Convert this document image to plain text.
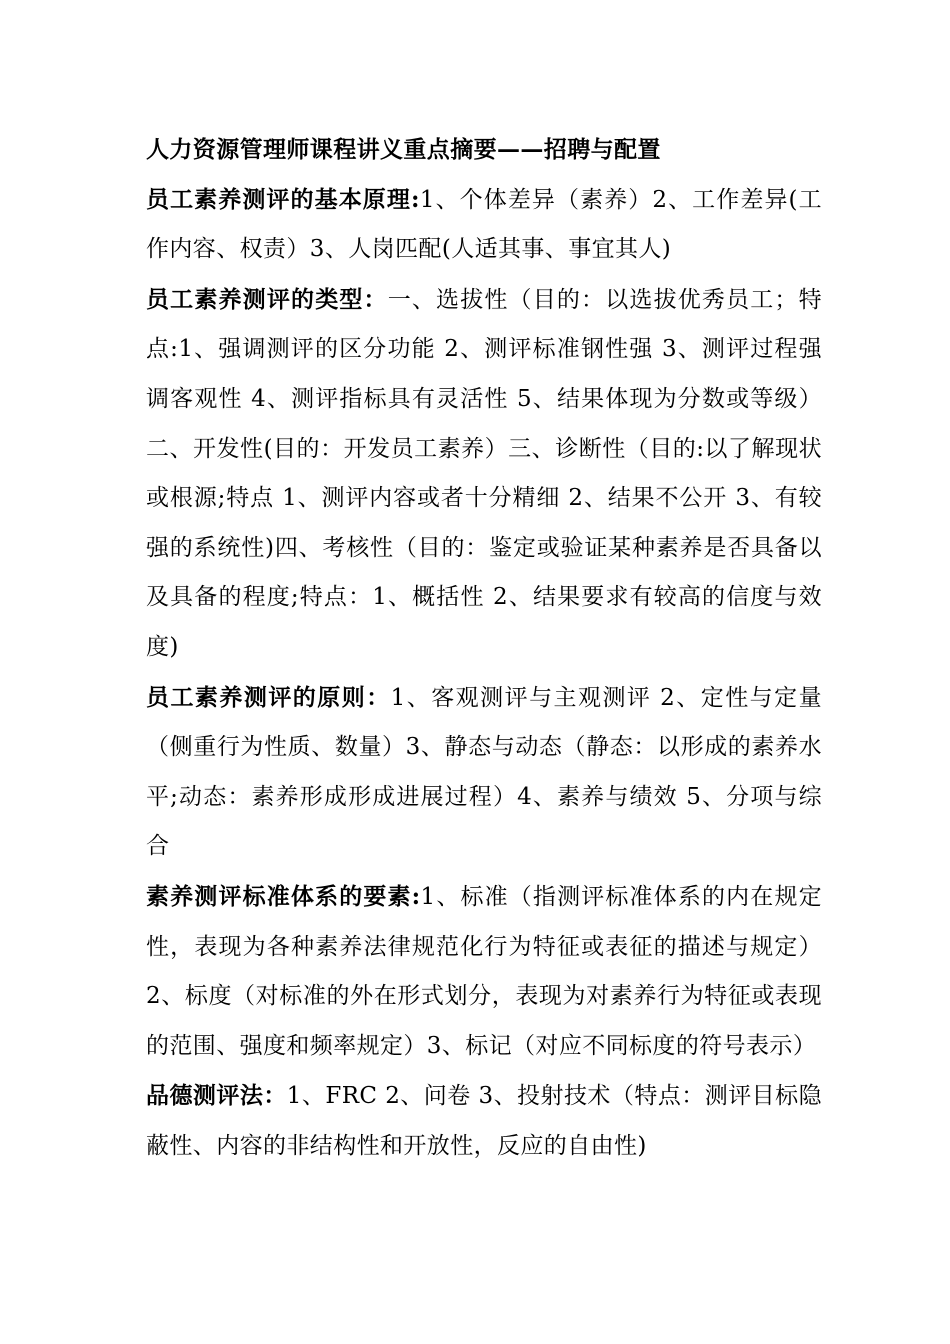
人力资源管理师课程讲义重点摘要——招聘与配置

员工素养测评的基本原理:1、个体差异（素养）2、工作差异(工作内容、权责）3、人岗匹配(人适其事、事宜其人)

员工素养测评的类型：一、选拔性（目的：以选拔优秀员工；特点:1、强调测评的区分功能 2、测评标准钢性强 3、测评过程强调客观性 4、测评指标具有灵活性 5、结果体现为分数或等级）二、开发性(目的：开发员工素养）三、诊断性（目的:以了解现状或根源;特点 1、测评内容或者十分精细 2、结果不公开 3、有较强的系统性)四、考核性（目的：鉴定或验证某种素养是否具备以及具备的程度;特点：1、概括性 2、结果要求有较高的信度与效度)

员工素养测评的原则：1、客观测评与主观测评 2、定性与定量（侧重行为性质、数量）3、静态与动态（静态：以形成的素养水平;动态：素养形成形成进展过程）4、素养与绩效 5、分项与综合

素养测评标准体系的要素:1、标准（指测评标准体系的内在规定性，表现为各种素养法律规范化行为特征或表征的描述与规定）2、标度（对标准的外在形式划分，表现为对素养行为特征或表现的范围、强度和频率规定）3、标记（对应不同标度的符号表示）

品德测评法：1、FRC 2、问卷 3、投射技术（特点：测评目标隐蔽性、内容的非结构性和开放性，反应的自由性)
